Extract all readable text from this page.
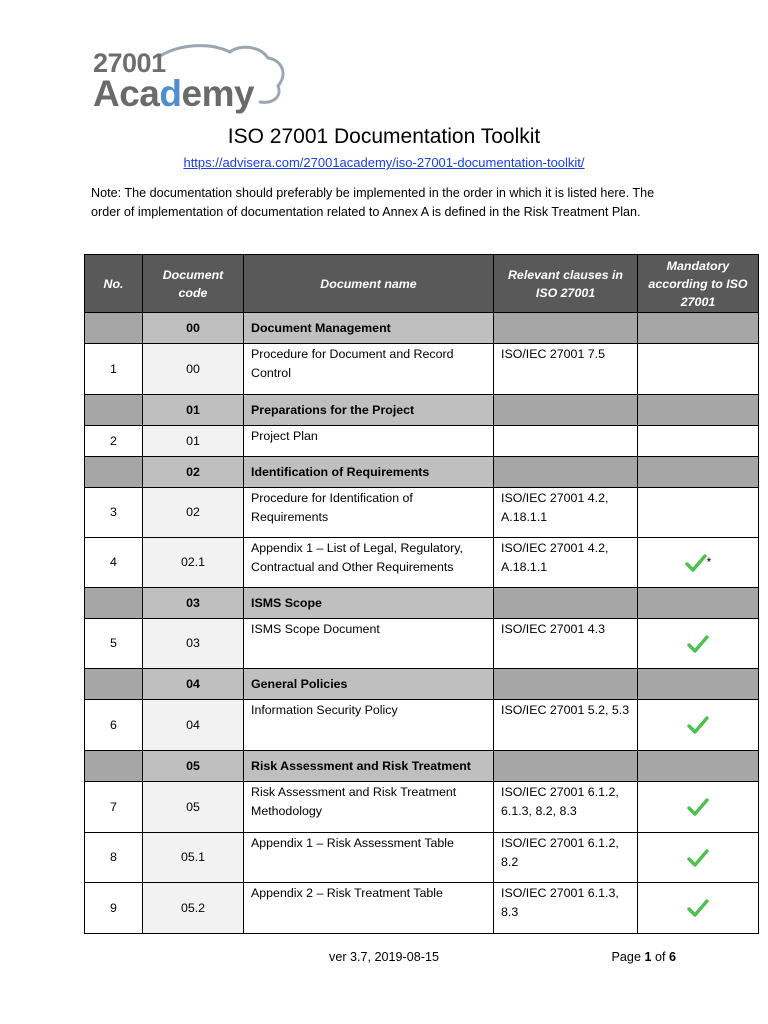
27001
Academy
ISO 27001 Documentation Toolkit
https://advisera.com/27001academy/iso-27001-documentation-toolkit/
Note: The documentation should preferably be implemented in the order in which it is listed here. The order of implementation of documentation related to Annex A is defined in the Risk Treatment Plan.
No.	Document code	Document name	Relevant clauses in ISO 27001	Mandatory according to ISO 27001
	00	Document Management		
1	00	Procedure for Document and Record Control	ISO/IEC 27001 7.5	
	01	Preparations for the Project		
2	01	Project Plan		
	02	Identification of Requirements		
3	02	Procedure for Identification of Requirements	ISO/IEC 27001 4.2, A.18.1.1	
4	02.1	Appendix 1 – List of Legal, Regulatory, Contractual and Other Requirements	ISO/IEC 27001 4.2, A.18.1.1	*
	03	ISMS Scope		
5	03	ISMS Scope Document	ISO/IEC 27001 4.3	
	04	General Policies		
6	04	Information Security Policy	ISO/IEC 27001 5.2, 5.3	
	05	Risk Assessment and Risk Treatment		
7	05	Risk Assessment and Risk Treatment Methodology	ISO/IEC 27001 6.1.2, 6.1.3, 8.2, 8.3	
8	05.1	Appendix 1 – Risk Assessment Table	ISO/IEC 27001 6.1.2, 8.2	
9	05.2	Appendix 2 – Risk Treatment Table	ISO/IEC 27001 6.1.3, 8.3	
ver 3.7, 2019-08-15	Page 1 of 6
